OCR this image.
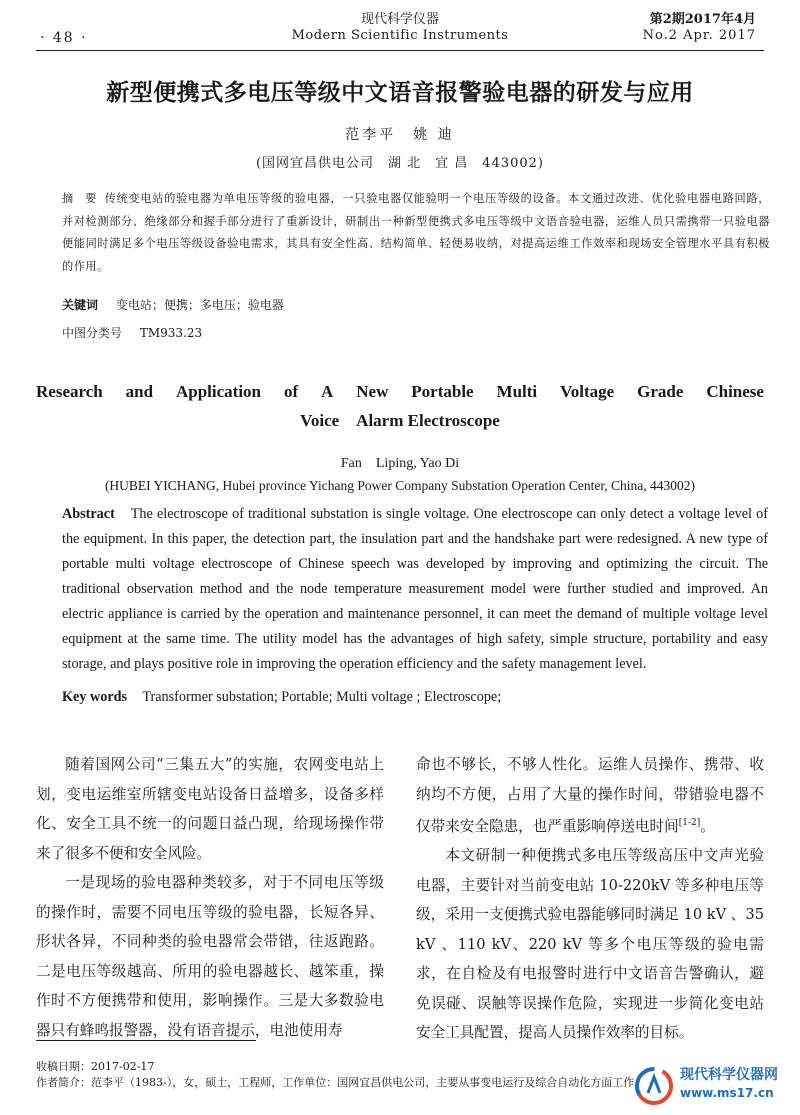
· 48 ·
现代科学仪器
Modern Scientific Instruments
第2期2017年4月
No.2 Apr. 2017
新型便携式多电压等级中文语音报警验电器的研发与应用
范李平　姚 迪
(国网宜昌供电公司　湖 北　宜 昌　443002)
摘 要 传统变电站的验电器为单电压等级的验电器，一只验电器仅能验明一个电压等级的设备。本文通过改进、优化验电器电路回路，并对检测部分、绝缘部分和握手部分进行了重新设计，研制出一种新型便携式多电压等级中文语音验电器，运维人员只需携带一只验电器便能同时满足多个电压等级设备验电需求，其具有安全性高、结构简单、轻便易收纳，对提高运维工作效率和现场安全管理水平具有积极的作用。
关键词 变电站；便携；多电压；验电器
中图分类号 TM933.23
Research and Application of A New Portable Multi Voltage Grade Chinese
Voice　Alarm Electroscope
Fan　Liping, Yao Di
(HUBEI YICHANG, Hubei province Yichang Power Company Substation Operation Center, China, 443002)
Abstract The electroscope of traditional substation is single voltage. One electroscope can only detect a voltage level of the equipment. In this paper, the detection part, the insulation part and the handshake part were redesigned. A new type of portable multi voltage electroscope of Chinese speech was developed by improving and optimizing the circuit. The traditional observation method and the node temperature measurement model were further studied and improved. An electric appliance is carried by the operation and maintenance personnel, it can meet the demand of multiple voltage level equipment at the same time. The utility model has the advantages of high safety, simple structure, portability and easy storage, and plays positive role in improving the operation efficiency and the safety management level.
Key words Transformer substation; Portable; Multi voltage ; Electroscope;

随着国网公司“三集五大”的实施，农网变电站上划，变电运维室所辖变电站设备日益增多，设备多样化、安全工具不统一的问题日益凸现，给现场操作带来了很多不便和安全风险。

一是现场的验电器种类较多，对于不同电压等级的操作时，需要不同电压等级的验电器，长短各异、形状各异，不同种类的验电器常会带错，往返跑路。二是电压等级越高、所用的验电器越长、越笨重，操作时不方便携带和使用，影响操作。三是大多数验电器只有蜂鸣报警器，没有语音提示，电池使用寿

命也不够长，不够人性化。运维人员操作、携带、收纳均不方便，占用了大量的操作时间，带错验电器不仅带来安全隐患，也严重影响停送电时间[1-2]。

本文研制一种便携式多电压等级高压中文声光验电器，主要针对当前变电站 10-220kV 等多种电压等级，采用一支便携式验电器能够同时满足 10 kV 、35 kV 、110 kV、220 kV 等多个电压等级的验电需求，在自检及有电报警时进行中文语音告警确认，避免误碰、误触等误操作危险，实现进一步简化变电站安全工具配置，提高人员操作效率的目标。

收稿日期：2017-02-17
作者简介：范李平（1983-），女，硕士，工程师，工作单位：国网宜昌供电公司，主要从事变电运行及综合自动化方面工作。 现代科学仪器网
www.ms17.cn
